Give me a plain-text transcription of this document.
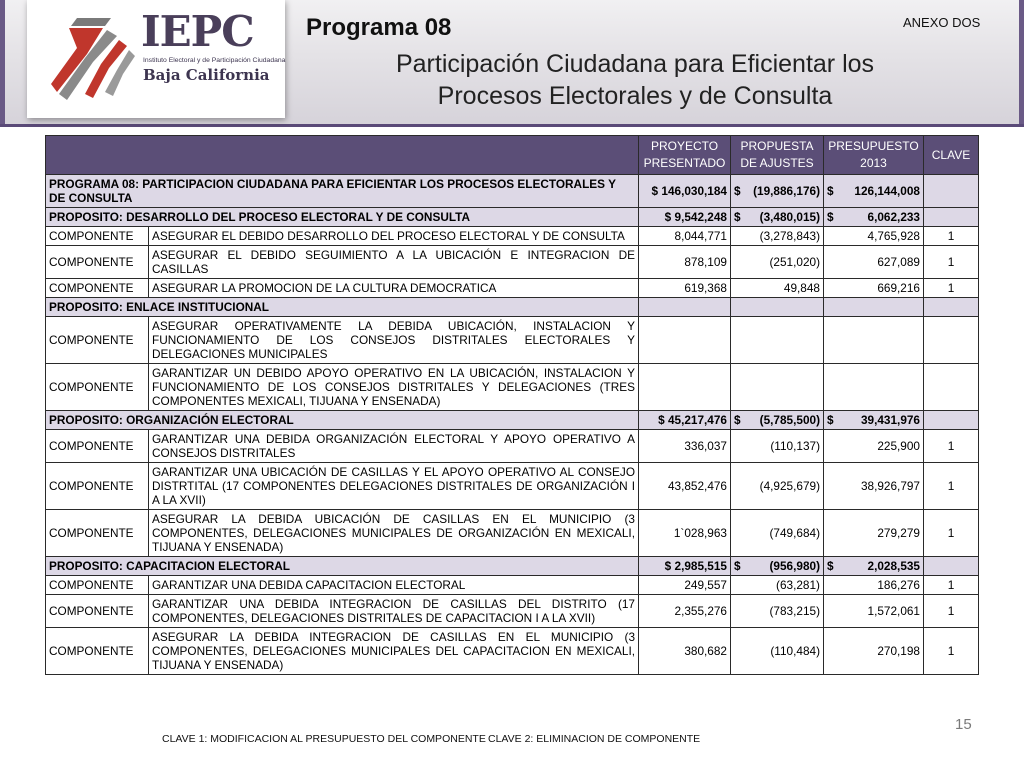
IEPC
Instituto Electoral y de Participación Ciudadana
Baja California
Programa 08
Participación Ciudadana para Eficientar los
Procesos Electorales y de Consulta
ANEXO DOS
		PROYECTO PRESENTADO	PROPUESTA DE AJUSTES	PRESUPUESTO 2013	CLAVE
PROGRAMA 08: PARTICIPACION CIUDADANA PARA EFICIENTAR LOS PROCESOS ELECTORALES Y DE CONSULTA		$ 146,030,184	$ (19,886,176)	$ 126,144,008	

PROPOSITO: DESARROLLO DEL PROCESO ELECTORAL Y DE CONSULTA		$ 9,542,248	$ (3,480,015)	$ 6,062,233	

COMPONENTE	ASEGURAR EL DEBIDO DESARROLLO DEL PROCESO ELECTORAL Y DE CONSULTA	8,044,771	(3,278,843)	4,765,928	1
COMPONENTE	ASEGURAR EL DEBIDO SEGUIMIENTO A LA UBICACIÓN E INTEGRACION DE CASILLAS	878,109	(251,020)	627,089	1
COMPONENTE	ASEGURAR LA PROMOCION DE LA CULTURA DEMOCRATICA	619,368	49,848	669,216	1
PROPOSITO: ENLACE INSTITUCIONAL			

COMPONENTE	ASEGURAR OPERATIVAMENTE LA DEBIDA UBICACIÓN, INSTALACION Y FUNCIONAMIENTO DE LOS CONSEJOS DISTRITALES ELECTORALES Y DELEGACIONES MUNICIPALES				
COMPONENTE	GARANTIZAR UN DEBIDO APOYO OPERATIVO EN LA UBICACIÓN, INSTALACION Y FUNCIONAMIENTO DE LOS CONSEJOS DISTRITALES Y DELEGACIONES (TRES COMPONENTES MEXICALI, TIJUANA Y ENSENADA)				
PROPOSITO: ORGANIZACIÓN ELECTORAL		$ 45,217,476	$ (5,785,500)	$ 39,431,976	

COMPONENTE	GARANTIZAR UNA DEBIDA ORGANIZACIÓN ELECTORAL Y APOYO OPERATIVO A CONSEJOS DISTRITALES	336,037	(110,137)	225,900	1
COMPONENTE	GARANTIZAR UNA UBICACIÓN DE CASILLAS Y EL APOYO OPERATIVO AL CONSEJO DISTRTITAL (17 COMPONENTES DELEGACIONES DISTRITALES DE ORGANIZACIÓN I A LA XVII)	43,852,476	(4,925,679)	38,926,797	1
COMPONENTE	ASEGURAR LA DEBIDA UBICACIÓN DE CASILLAS EN EL MUNICIPIO (3 COMPONENTES, DELEGACIONES MUNICIPALES DE ORGANIZACIÓN EN MEXICALI, TIJUANA Y ENSENADA)	1`028,963	(749,684)	279,279	1
PROPOSITO: CAPACITACION ELECTORAL		$ 2,985,515	$ (956,980)	$ 2,028,535	

COMPONENTE	GARANTIZAR UNA DEBIDA CAPACITACION ELECTORAL	249,557	(63,281)	186,276	1
COMPONENTE	GARANTIZAR UNA DEBIDA INTEGRACION DE CASILLAS DEL DISTRITO (17 COMPONENTES, DELEGACIONES DISTRITALES DE CAPACITACION I A LA XVII)	2,355,276	(783,215)	1,572,061	1
COMPONENTE	ASEGURAR LA DEBIDA INTEGRACION DE CASILLAS EN EL MUNICIPIO (3 COMPONENTES, DELEGACIONES MUNICIPALES DEL CAPACITACION EN MEXICALI, TIJUANA Y ENSENADA)	380,682	(110,484)	270,198	1
15
CLAVE 1: MODIFICACION AL PRESUPUESTO DEL COMPONENTE CLAVE 2: ELIMINACION DE COMPONENTE
